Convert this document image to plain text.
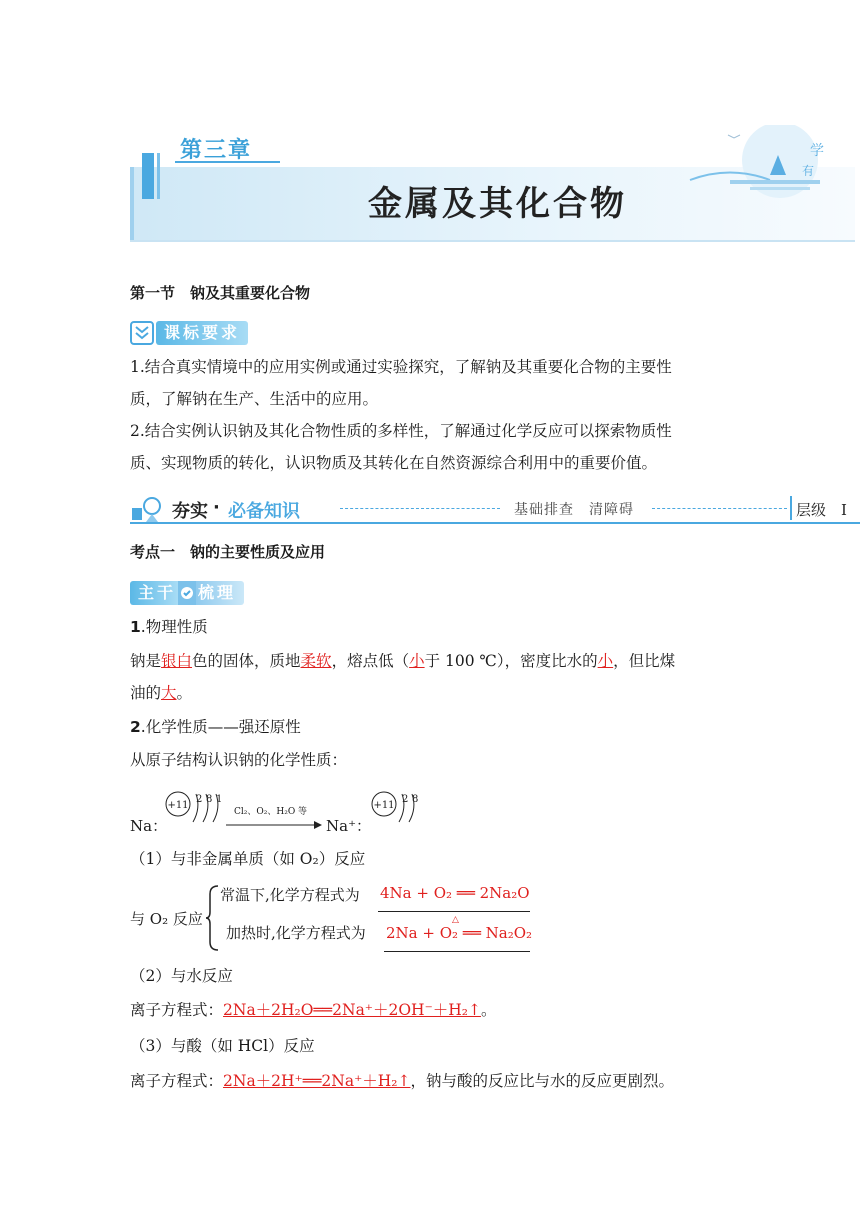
学
有
第三章
金属及其化合物
第一节　钠及其重要化合物
课标要求
1.结合真实情境中的应用实例或通过实验探究，了解钠及其重要化合物的主要性
质，了解钠在生产、生活中的应用。
2.结合实例认识钠及其化合物性质的多样性，了解通过化学反应可以探索物质性
质、实现物质的转化，认识物质及其转化在自然资源综合利用中的重要价值。
夯实 · 必备知识	基础排查　清障碍	层级　I
考点一　钠的主要性质及应用
主干 梳理
1.物理性质
钠是银白色的固体，质地柔软，熔点低（小于 100 ℃），密度比水的小，但比煤
油的大。
2.化学性质——强还原性
从原子结构认识钠的化学性质：
Na：
+11
2 8 1
Cl₂、O₂、H₂O 等
Na⁺：
+11
2 8
（1）与非金属单质（如 O₂）反应
与 O₂ 反应
常温下,化学方程式为 4Na + O₂ ══ 2Na₂O
加热时,化学方程式为
△
2Na + O₂ ══ Na₂O₂
（2）与水反应
离子方程式：2Na＋2H₂O══2Na⁺＋2OH⁻＋H₂↑。
（3）与酸（如 HCl）反应
离子方程式：2Na＋2H⁺══2Na⁺＋H₂↑，钠与酸的反应比与水的反应更剧烈。
